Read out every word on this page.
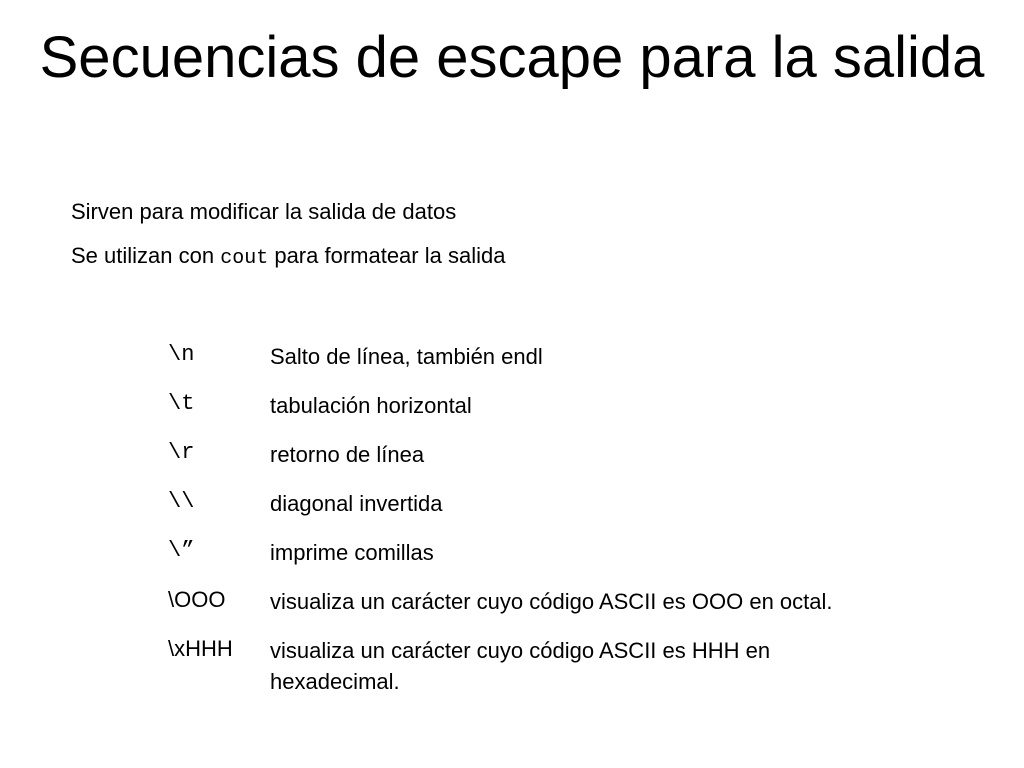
Secuencias de escape para la salida
Sirven para modificar la salida de datos
Se utilizan con cout para formatear la salida
\n	Salto de línea, también endl
\t	tabulación horizontal
\r	retorno de línea
\\	diagonal invertida
\”	imprime comillas
\OOO	visualiza un carácter cuyo código ASCII es OOO en octal.
\xHHH	visualiza un carácter cuyo código ASCII es HHH en hexadecimal.
